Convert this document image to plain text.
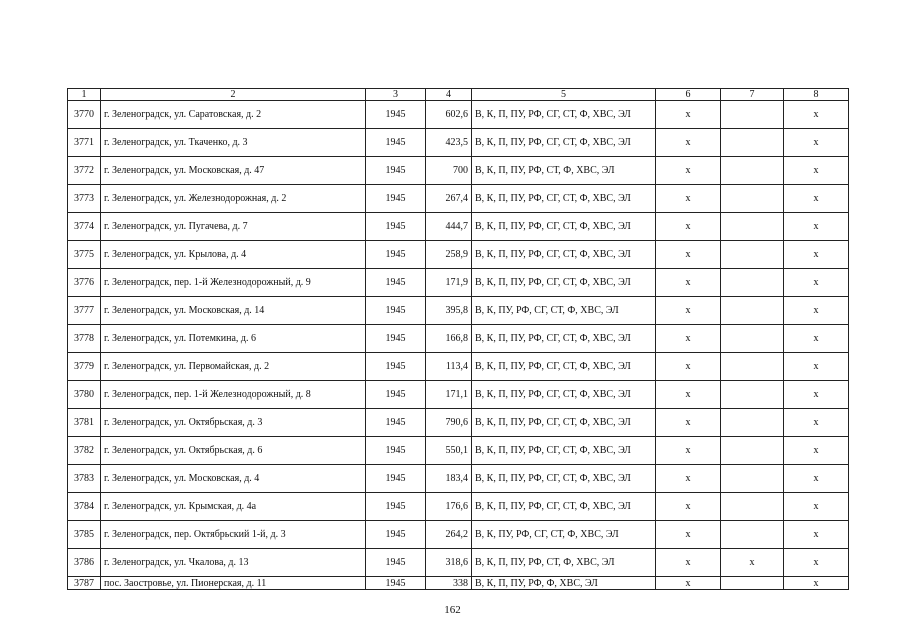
1	2	3	4	5	6	7	8
3770	г. Зеленоградск, ул. Саратовская, д. 2	1945	602,6	В, К, П, ПУ, РФ, СГ, СТ, Ф, ХВС, ЭЛ	х		х
3771	г. Зеленоградск, ул. Ткаченко, д. 3	1945	423,5	В, К, П, ПУ, РФ, СГ, СТ, Ф, ХВС, ЭЛ	х		х
3772	г. Зеленоградск, ул. Московская, д. 47	1945	700	В, К, П, ПУ, РФ, СТ, Ф, ХВС, ЭЛ	х		х
3773	г. Зеленоградск, ул. Железнодорожная, д. 2	1945	267,4	В, К, П, ПУ, РФ, СГ, СТ, Ф, ХВС, ЭЛ	х		х
3774	г. Зеленоградск, ул. Пугачева, д. 7	1945	444,7	В, К, П, ПУ, РФ, СГ, СТ, Ф, ХВС, ЭЛ	х		х
3775	г. Зеленоградск, ул. Крылова, д. 4	1945	258,9	В, К, П, ПУ, РФ, СГ, СТ, Ф, ХВС, ЭЛ	х		х
3776	г. Зеленоградск, пер. 1-й Железнодорожный, д. 9	1945	171,9	В, К, П, ПУ, РФ, СГ, СТ, Ф, ХВС, ЭЛ	х		х
3777	г. Зеленоградск, ул. Московская, д. 14	1945	395,8	В, К, ПУ, РФ, СГ, СТ, Ф, ХВС, ЭЛ	х		х
3778	г. Зеленоградск, ул. Потемкина, д. 6	1945	166,8	В, К, П, ПУ, РФ, СГ, СТ, Ф, ХВС, ЭЛ	х		х
3779	г. Зеленоградск, ул. Первомайская, д. 2	1945	113,4	В, К, П, ПУ, РФ, СГ, СТ, Ф, ХВС, ЭЛ	х		х
3780	г. Зеленоградск, пер. 1-й Железнодорожный, д. 8	1945	171,1	В, К, П, ПУ, РФ, СГ, СТ, Ф, ХВС, ЭЛ	х		х
3781	г. Зеленоградск, ул. Октябрьская, д. 3	1945	790,6	В, К, П, ПУ, РФ, СГ, СТ, Ф, ХВС, ЭЛ	х		х
3782	г. Зеленоградск, ул. Октябрьская, д. 6	1945	550,1	В, К, П, ПУ, РФ, СГ, СТ, Ф, ХВС, ЭЛ	х		х
3783	г. Зеленоградск, ул. Московская, д. 4	1945	183,4	В, К, П, ПУ, РФ, СГ, СТ, Ф, ХВС, ЭЛ	х		х
3784	г. Зеленоградск, ул. Крымская, д. 4а	1945	176,6	В, К, П, ПУ, РФ, СГ, СТ, Ф, ХВС, ЭЛ	х		х
3785	г. Зеленоградск, пер. Октябрьский 1-й, д. 3	1945	264,2	В, К, ПУ, РФ, СГ, СТ, Ф, ХВС, ЭЛ	х		х
3786	г. Зеленоградск, ул. Чкалова, д. 13	1945	318,6	В, К, П, ПУ, РФ, СТ, Ф, ХВС, ЭЛ	х	х	х
3787	пос. Заостровье, ул. Пионерская, д. 11	1945	338	В, К, П, ПУ, РФ, Ф, ХВС, ЭЛ	х		х
162
